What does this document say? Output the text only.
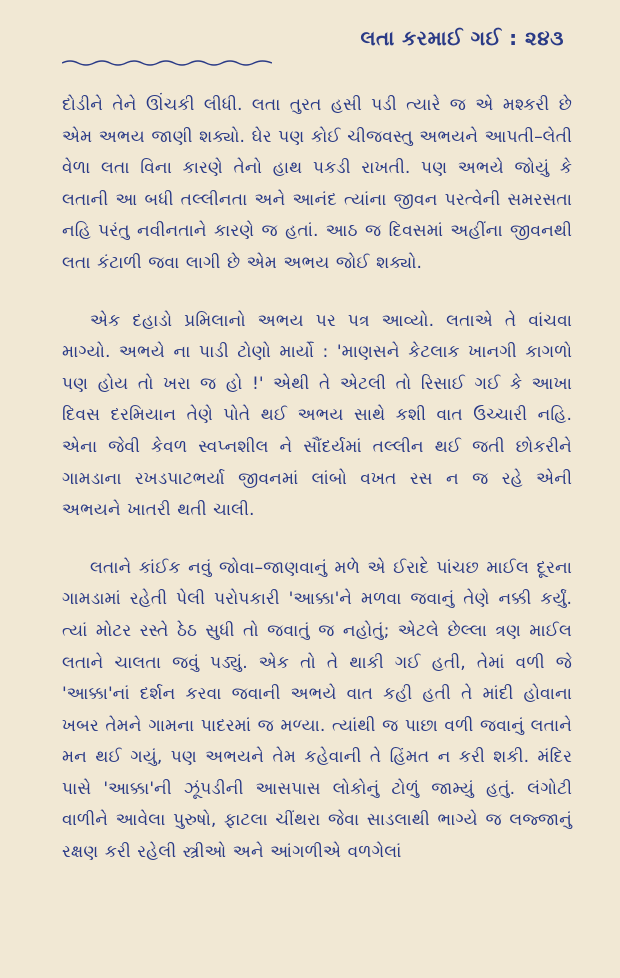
લતા કરમાઈ ગઈ : ૨૪૩

દોડીને તેને ઊંચકી લીધી. લતા તુરત હસી પડી ત્યારે જ એ મશ્કરી છે એમ અભય જાણી શક્યો. ઘેર પણ કોઈ ચીજવસ્તુ અભયને આપતી–લેતી વેળા લતા વિના કારણે તેનો હાથ પકડી રાખતી. પણ અભયે જોયું કે લતાની આ બધી તલ્લીનતા અને આનંદ ત્યાંના જીવન પરત્વેની સમરસતા નહિ પરંતુ નવીનતાને કારણે જ હતાં. આઠ જ દિવસમાં અહીંના જીવનથી લતા કંટાળી જવા લાગી છે એમ અભય જોઈ શક્યો.

એક દહાડો પ્રમિલાનો અભય પર પત્ર આવ્યો. લતાએ તે વાંચવા માગ્યો. અભયે ના પાડી ટોણો માર્યો : 'માણસને કેટલાક ખાનગી કાગળો પણ હોય તો ખરા જ હો !' એથી તે એટલી તો રિસાઈ ગઈ કે આખા દિવસ દરમિયાન તેણે પોતે થઈ અભય સાથે કશી વાત ઉચ્ચારી નહિ. એના જેવી કેવળ સ્વપ્નશીલ ને સૌંદર્યમાં તલ્લીન થઈ જતી છોકરીને ગામડાના રખડપાટભર્યા જીવનમાં લાંબો વખત રસ ન જ રહે એની અભયને ખાતરી થતી ચાલી.

લતાને કાંઈક નવું જોવા–જાણવાનું મળે એ ઈરાદે પાંચછ માઈલ દૂરના ગામડામાં રહેતી પેલી પરોપકારી 'આક્કા'ને મળવા જવાનું તેણે નક્કી કર્યું. ત્યાં મોટર રસ્તે ઠેઠ સુધી તો જવાતું જ નહોતું; એટલે છેલ્લા ત્રણ માઈલ લતાને ચાલતા જવું પડ્યું. એક તો તે થાકી ગઈ હતી, તેમાં વળી જે 'આક્કા'નાં દર્શન કરવા જવાની અભયે વાત કહી હતી તે માંદી હોવાના ખબર તેમને ગામના પાદરમાં જ મળ્યા. ત્યાંથી જ પાછા વળી જવાનું લતાને મન થઈ ગયું, પણ અભયને તેમ કહેવાની તે હિંમત ન કરી શકી. મંદિર પાસે 'આક્કા'ની ઝૂંપડીની આસપાસ લોકોનું ટોળું જામ્યું હતું. લંગોટી વાળીને આવેલા પુરુષો, ફાટલા ચીંથરા જેવા સાડલાથી ભાગ્યે જ લજ્જાનું રક્ષણ કરી રહેલી સ્ત્રીઓ અને આંગળીએ વળગેલાં
